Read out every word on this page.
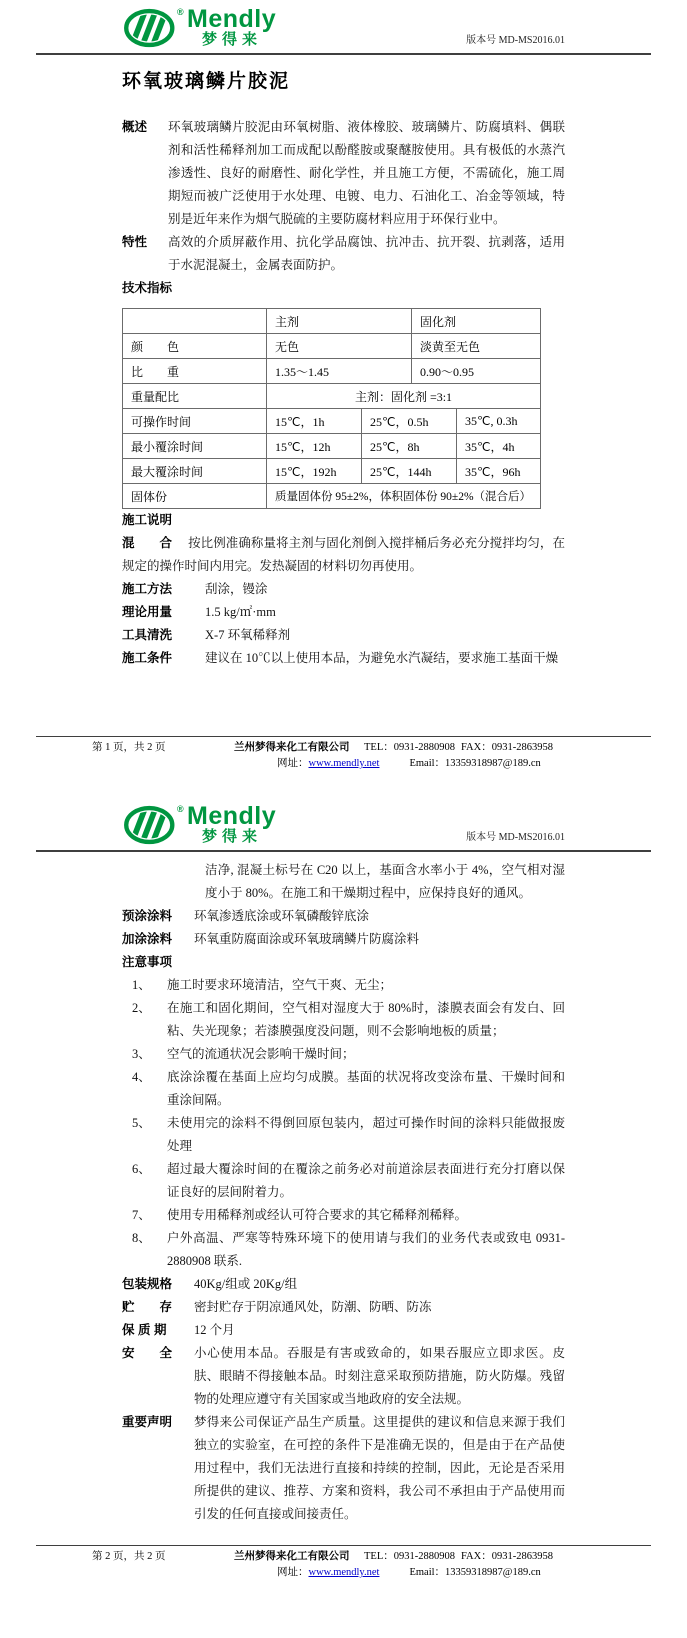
® Mendly
梦得来	版本号 MD-MS2016.01
环氧玻璃鳞片胶泥
概述	环氧玻璃鳞片胶泥由环氧树脂、液体橡胶、玻璃鳞片、防腐填料、偶联剂和活性稀释剂加工而成配以酚醛胺或聚醚胺使用。具有极低的水蒸汽渗透性、良好的耐磨性、耐化学性，并且施工方便，不需硫化，施工周期短而被广泛使用于水处理、电镀、电力、石油化工、冶金等领域，特别是近年来作为烟气脱硫的主要防腐材料应用于环保行业中。
特性	高效的介质屏蔽作用、抗化学品腐蚀、抗冲击、抗开裂、抗剥落，适用于水泥混凝土，金属表面防护。
技术指标
	主剂		固化剂	
颜　　色	无色		淡黄至无色	
比　　重	1.35～1.45		0.90～0.95	
重量配比	主剂：固化剂 =3:1			
可操作时间	15℃，1h	25℃，0.5h		35℃, 0.3h
最小覆涂时间	15℃，12h	25℃，8h		35℃，4h
最大覆涂时间	15℃，192h	25℃，144h		35℃，96h
固体份	质量固体份 95±2%，体积固体份 90±2%（混合后）			
施工说明
混　　合 按比例准确称量将主剂与固化剂倒入搅拌桶后务必充分搅拌均匀，在规定的操作时间内用完。发热凝固的材料切勿再使用。
施工方法	刮涂，镘涂
理论用量	1.5 kg/㎡·mm
工具清洗	X-7 环氧稀释剂
施工条件	建议在 10℃以上使用本品，为避免水汽凝结，要求施工基面干燥
第 1 页，共 2 页	兰州梦得来化工有限公司	TEL：0931-2880908 FAX：0931-2863958
网址：www.mendly.net	Email：13359318987@189.cn
® Mendly
梦得来	版本号 MD-MS2016.01
洁净, 混凝土标号在 C20 以上，基面含水率小于 4%，空气相对湿度小于 80%。在施工和干燥期过程中，应保持良好的通风。
预涂涂料	环氧渗透底涂或环氧磷酸锌底涂
加涂涂料	环氧重防腐面涂或环氧玻璃鳞片防腐涂料
注意事项
1、	施工时要求环境清洁，空气干爽、无尘；
2、	在施工和固化期间，空气相对湿度大于 80%时，漆膜表面会有发白、回粘、失光现象；若漆膜强度没问题，则不会影响地板的质量；
3、	空气的流通状况会影响干燥时间；
4、	底涂涂覆在基面上应均匀成膜。基面的状况将改变涂布量、干燥时间和重涂间隔。
5、	未使用完的涂料不得倒回原包装内，超过可操作时间的涂料只能做报废处理
6、	超过最大覆涂时间的在覆涂之前务必对前道涂层表面进行充分打磨以保证良好的层间附着力。
7、	使用专用稀释剂或经认可符合要求的其它稀释剂稀释。
8、	户外高温、严寒等特殊环境下的使用请与我们的业务代表或致电 0931-2880908 联系.
包装规格	40Kg/组或 20Kg/组
贮　　存	密封贮存于阴凉通风处，防潮、防晒、防冻
保 质 期	12 个月
安　　全	小心使用本品。吞服是有害或致命的，如果吞服应立即求医。皮肤、眼睛不得接触本品。时刻注意采取预防措施，防火防爆。残留物的处理应遵守有关国家或当地政府的安全法规。
重要声明	梦得来公司保证产品生产质量。这里提供的建议和信息来源于我们独立的实验室，在可控的条件下是准确无误的，但是由于在产品使用过程中，我们无法进行直接和持续的控制，因此，无论是否采用所提供的建议、推荐、方案和资料，我公司不承担由于产品使用而引发的任何直接或间接责任。
第 2 页，共 2 页	兰州梦得来化工有限公司	TEL：0931-2880908 FAX：0931-2863958
网址：www.mendly.net	Email：13359318987@189.cn
